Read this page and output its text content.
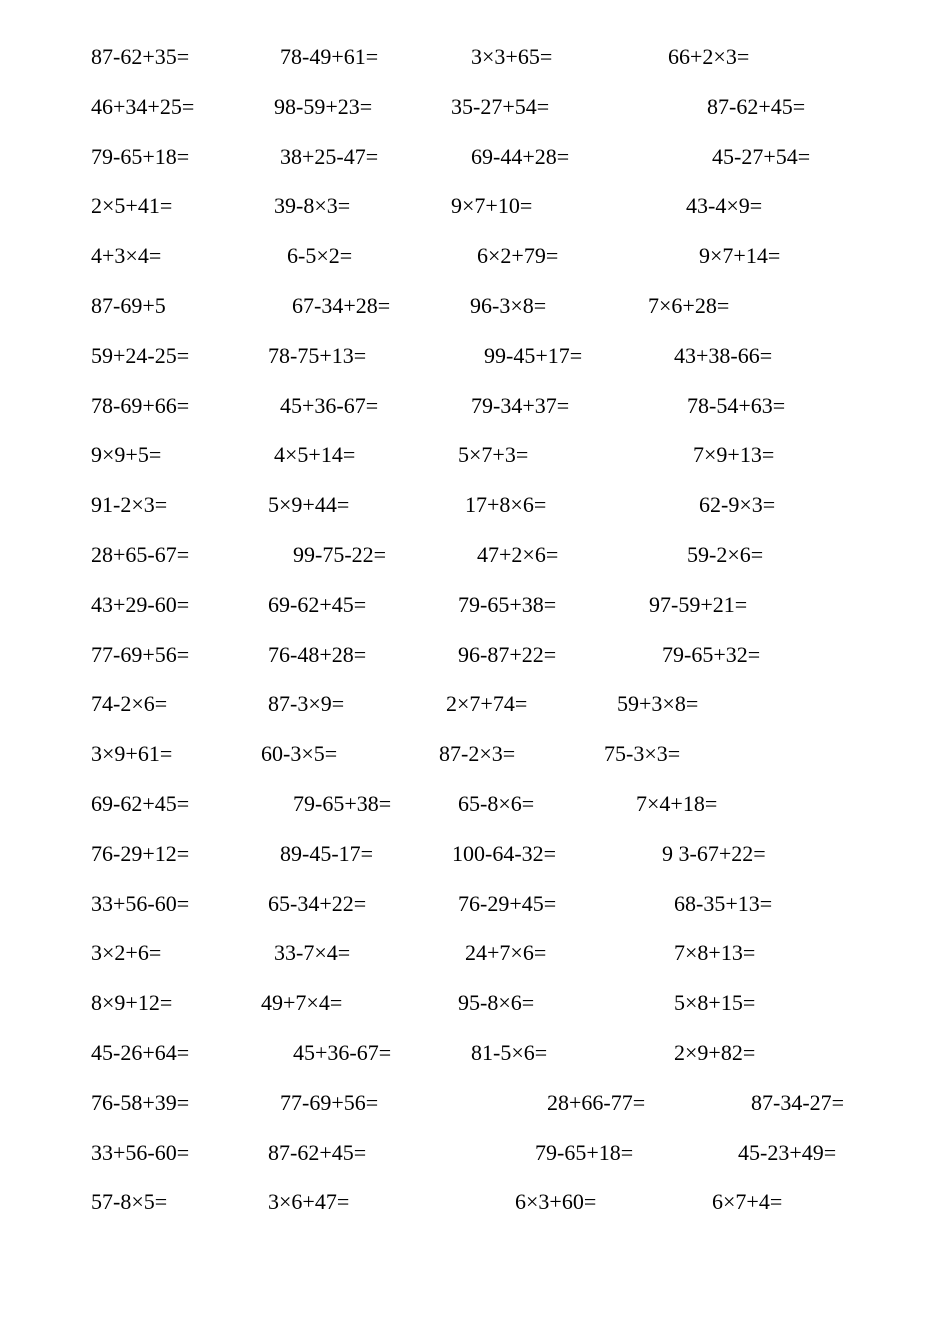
87-62+35=	78-49+61=	3×3+65=	66+2×3=
46+34+25=	98-59+23=	35-27+54=	87-62+45=
79-65+18=	38+25-47=	69-44+28=	45-27+54=
2×5+41=	39-8×3=	9×7+10=	43-4×9=
4+3×4=	6-5×2=	6×2+79=	9×7+14=
87-69+5	67-34+28=	96-3×8=	7×6+28=
59+24-25=	78-75+13=	99-45+17=	43+38-66=
78-69+66=	45+36-67=	79-34+37=	78-54+63=
9×9+5=	4×5+14=	5×7+3=	7×9+13=
91-2×3=	5×9+44=	17+8×6=	62-9×3=
28+65-67=	99-75-22=	47+2×6=	59-2×6=
43+29-60=	69-62+45=	79-65+38=	97-59+21=
77-69+56=	76-48+28=	96-87+22=	79-65+32=
74-2×6=	87-3×9=	2×7+74=	59+3×8=
3×9+61=	60-3×5=	87-2×3=	75-3×3=
69-62+45=	79-65+38=	65-8×6=	7×4+18=
76-29+12=	89-45-17=	100-64-32=	9 3-67+22=
33+56-60=	65-34+22=	76-29+45=	68-35+13=
3×2+6=	33-7×4=	24+7×6=	7×8+13=
8×9+12=	49+7×4=	95-8×6=	5×8+15=
45-26+64=	45+36-67=	81-5×6=	2×9+82=
76-58+39=	77-69+56=	28+66-77=	87-34-27=
33+56-60=	87-62+45=	79-65+18=	45-23+49=
57-8×5=	3×6+47=	6×3+60=	6×7+4=
